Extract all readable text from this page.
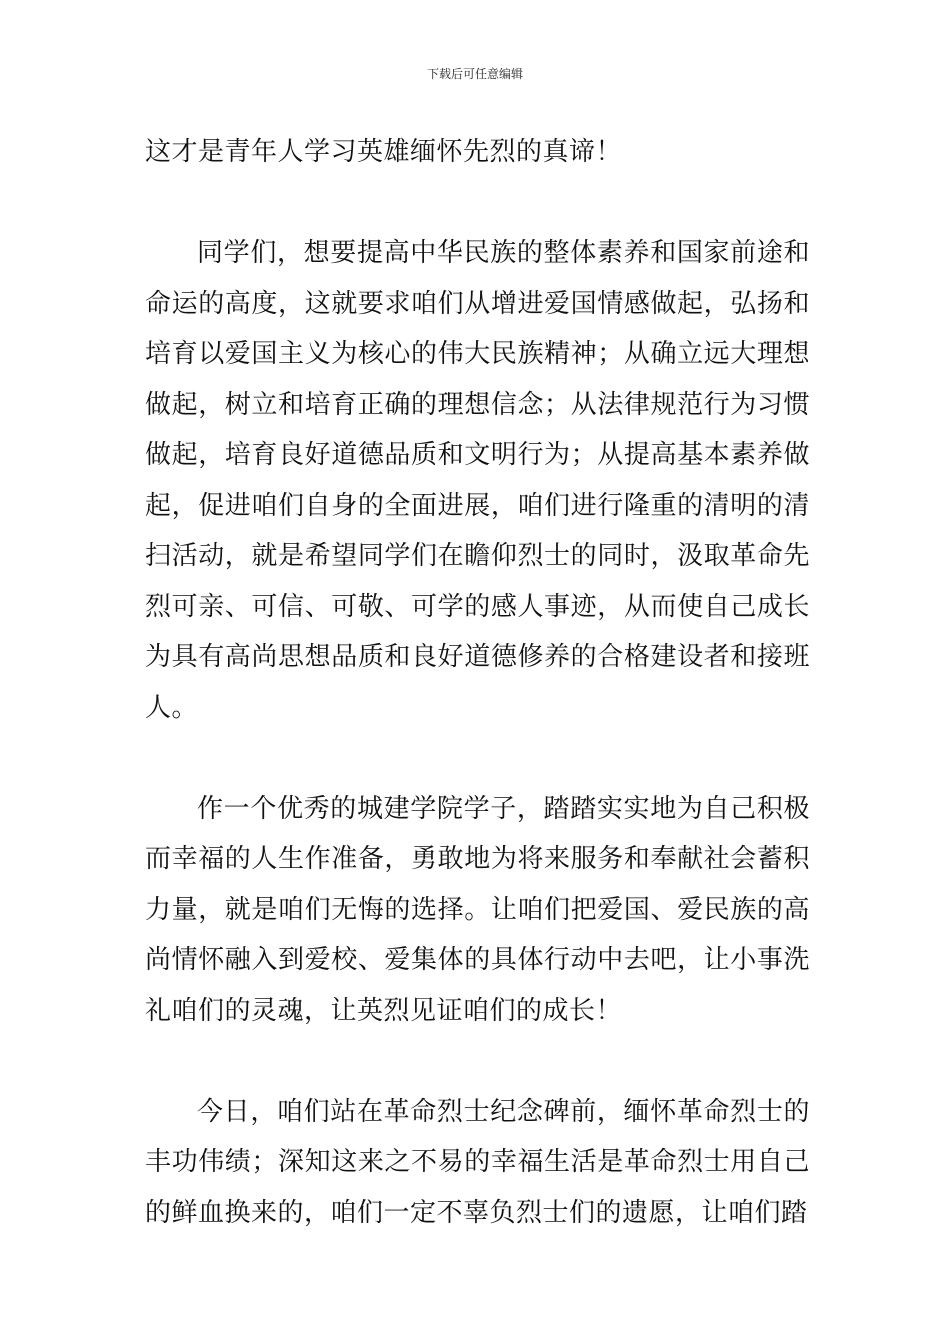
下载后可任意编辑

这才是青年人学习英雄缅怀先烈的真谛！

同学们，想要提高中华民族的整体素养和国家前途和命运的高度，这就要求咱们从增进爱国情感做起，弘扬和培育以爱国主义为核心的伟大民族精神；从确立远大理想做起，树立和培育正确的理想信念；从法律规范行为习惯做起，培育良好道德品质和文明行为；从提高基本素养做起，促进咱们自身的全面进展，咱们进行隆重的清明的清扫活动，就是希望同学们在瞻仰烈士的同时，汲取革命先烈可亲、可信、可敬、可学的感人事迹，从而使自己成长为具有高尚思想品质和良好道德修养的合格建设者和接班人。

作一个优秀的城建学院学子，踏踏实实地为自己积极而幸福的人生作准备，勇敢地为将来服务和奉献社会蓄积力量，就是咱们无悔的选择。让咱们把爱国、爱民族的高尚情怀融入到爱校、爱集体的具体行动中去吧，让小事洗礼咱们的灵魂，让英烈见证咱们的成长！

今日，咱们站在革命烈士纪念碑前，缅怀革命烈士的丰功伟绩；深知这来之不易的幸福生活是革命烈士用自己的鲜血换来的，咱们一定不辜负烈士们的遗愿，让咱们踏
